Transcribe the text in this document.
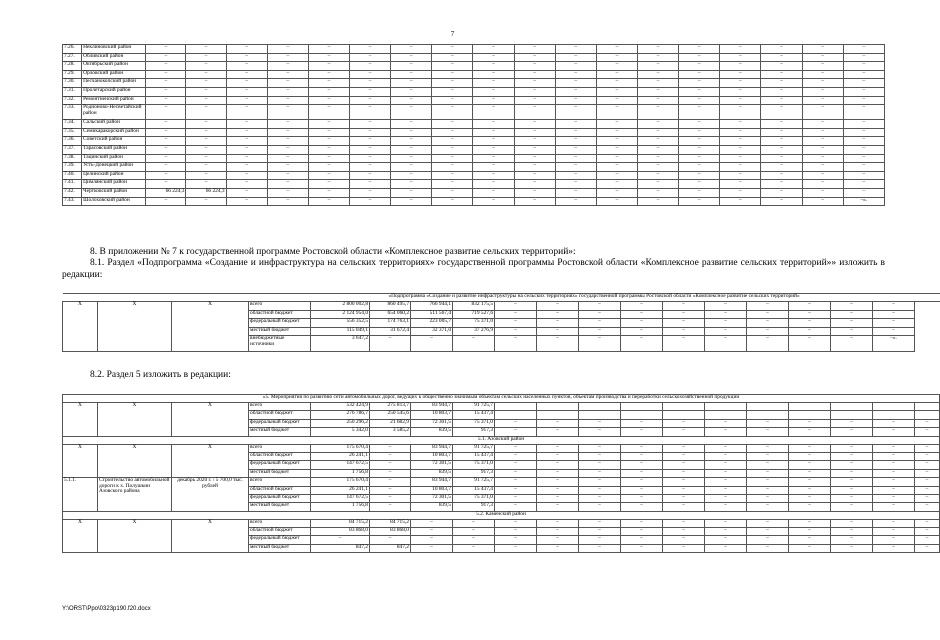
7
7.26.	Неклиновский район	–	–	–	–	–	–	–	–	–	–	–	–	–	–	–	–	–	–
7.27.	Обливский район	–	–	–	–	–	–	–	–	–	–	–	–	–	–	–	–	–	–
7.28.	Октябрьский район	–	–	–	–	–	–	–	–	–	–	–	–	–	–	–	–	–	–
7.29.	Орловский район	–	–	–	–	–	–	–	–	–	–	–	–	–	–	–	–	–	–
7.30.	Песчанокопский район	–	–	–	–	–	–	–	–	–	–	–	–	–	–	–	–	–	–
7.31.	Пролетарский район	–	–	–	–	–	–	–	–	–	–	–	–	–	–	–	–	–	–
7.32.	Ремонтненский район	–	–	–	–	–	–	–	–	–	–	–	–	–	–	–	–	–	–
7.33.	Родионово-Несветайский район	–	–	–	–	–	–	–	–	–	–	–	–	–	–	–	–	–	–
7.34.	Сальский район	–	–	–	–	–	–	–	–	–	–	–	–	–	–	–	–	–	–
7.35.	Семикаракорский район	–	–	–	–	–	–	–	–	–	–	–	–	–	–	–	–	–	–
7.36.	Советский район	–	–	–	–	–	–	–	–	–	–	–	–	–	–	–	–	–	–
7.37.	Тарасовский район	–	–	–	–	–	–	–	–	–	–	–	–	–	–	–	–	–	–
7.38.	Тацинский район	–	–	–	–	–	–	–	–	–	–	–	–	–	–	–	–	–	–
7.39.	Усть-Донецкий район	–	–	–	–	–	–	–	–	–	–	–	–	–	–	–	–	–	–
7.40.	Целинский район	–	–	–	–	–	–	–	–	–	–	–	–	–	–	–	–	–	–
7.41.	Цимлянский район	–	–	–	–	–	–	–	–	–	–	–	–	–	–	–	–	–	–
7.42.	Чертковский район	66 224,3	66 224,3	–	–	–	–	–	–	–	–	–	–	–	–	–	–	–	–
7.43.	Шолоховский район	–	–	–	–	–	–	–	–	–	–	–	–	–	–	–	–	–	–».
8. В приложении № 7 к государственной программе Ростовской области «Комплексное развитие сельских территорий»:
8.1. Раздел «Подпрограмма «Создание и инфраструктура на сельских территориях» государственной программы Ростовской области «Комплексное развитие сельских территорий»» изложить в редакции:
			«Подпрограмма «Создание и развитие инфраструктуры на сельских территориях» государственной программы Ростовской области «Комплексное развитие сельских территорий»														
Х	Х	Х	всего	2 800 002,8	860 495,7	766 944,1	832 175,5	–	–	–	–	–	–	–	–	–	–
			областной бюджет	2 124 954,0	654 060,2	511 567,4	719 527,6	–	–	–	–	–	–	–	–	–	–
			федеральный бюджет	556 352,5	174 763,1	223 005,7	75 371,0	–	–	–	–	–	–	–	–	–	–
			местный бюджет	115 049,1	31 672,4	32 371,0	37 276,9	–	–	–	–	–	–	–	–	–	–
			внебюджетные источники	3 647,2	–	–	–	–	–	–	–	–	–	–	–	–	–».
8.2. Раздел 5 изложить в редакции:
«5. Мероприятия по развитию сети автомобильных дорог, ведущих к общественно значимым объектам сельских населенных пунктов, объектам производства и переработки сельскохозяйственной продукции																		
Х	Х	Х	всего	532 424,9	275 813,7	83 944,7	91 725,7											
			областной бюджет	276 786,7	250 545,6	10 803,7	15 437,4											
			федеральный бюджет	250 296,2	21 682,9	72 301,5	75 371,0	–	–	–	–	–	–	–	–	–	–	–
			местный бюджет	5 342,0	3 585,2	839,5	917,3	–	–	–	–	–	–	–	–	–	–	–
5.1. Азовский район																		
Х	Х	Х	всего	175 670,4	–	83 944,7	91 725,7	–	–	–	–	–	–	–	–	–	–	–
			областной бюджет	26 241,1	–	10 803,7	15 437,4	–	–	–	–	–	–	–	–	–	–	–
			федеральный бюджет	147 672,5	–	72 301,5	75 371,0	–	–	–	–	–	–	–	–	–	–	–
			местный бюджет	1 756,8	–	839,5	917,3	–	–	–	–	–	–	–	–	–	–	–
5.1.1.	Строительство автомобильной дороги к х. Полушкин Азовского района	декабрь 2020 г. / 5 700,0 тыс. рублей	всего	175 670,4	–	83 944,7	91 725,7	–	–	–	–	–	–	–	–	–	–	–
			областной бюджет	26 241,1	–	10 803,7	15 437,4	–	–	–	–	–	–	–	–	–	–	–
			федеральный бюджет	147 672,5	–	72 301,5	75 371,0	–	–	–	–	–	–	–	–	–	–	–
			местный бюджет	1 756,8	–	839,5	917,3	–	–	–	–	–	–	–	–	–	–	–
5.2. Каменский район																		
Х	Х	Х	всего	84 715,2	84 715,2	–	–	–	–	–	–	–	–	–	–	–	–	–
			областной бюджет	83 868,0	83 868,0	–	–	–	–	–	–	–	–	–	–	–	–	–
			федеральный бюджет	–	–	–	–	–	–	–	–	–	–	–	–	–	–	–
			местный бюджет	847,2	847,2	–	–	–	–	–	–	–	–	–	–	–	–	–
Y:\ORST\Ppo\0323p190.f20.docx
